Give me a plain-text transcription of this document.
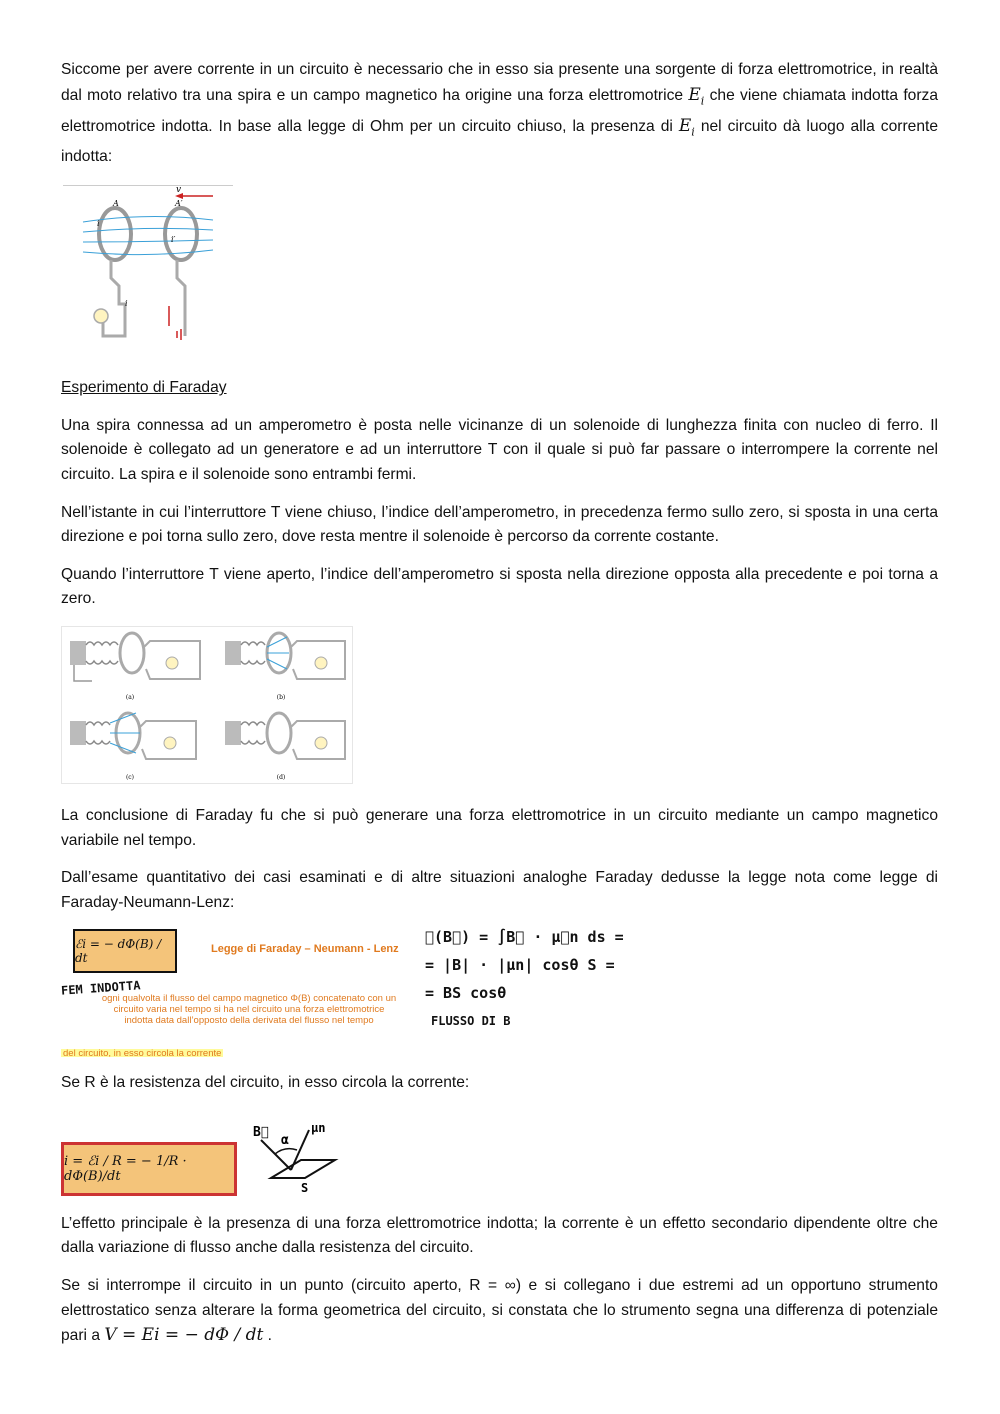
Siccome per avere corrente in un circuito è necessario che in esso sia presente una sorgente di forza elettromotrice, in realtà dal moto relativo tra una spira e un campo magnetico ha origine una forza elettromotrice $E_i$ che viene chiamata indotta forza elettromotrice indotta. In base alla legge di Ohm per un circuito chiuso, la presenza di $E_i$ nel circuito dà luogo alla corrente indotta:

v
A	A′
i
i′
i

Esperimento di Faraday

Una spira connessa ad un amperometro è posta nelle vicinanze di un solenoide di lunghezza finita con nucleo di ferro. Il solenoide è collegato ad un generatore e ad un interruttore T con il quale si può far passare o interrompere la corrente nel circuito. La spira e il solenoide sono entrambi fermi.

Nell’istante in cui l’interruttore T viene chiuso, l’indice dell’amperometro, in precedenza fermo sullo zero, si sposta in una certa direzione e poi torna sullo zero, dove resta mentre il solenoide è percorso da corrente costante.

Quando l’interruttore T viene aperto, l’indice dell’amperometro si sposta nella direzione opposta alla precedente e poi torna a zero.

(a)	(b)
(c)	(d)

La conclusione di Faraday fu che si può generare una forza elettromotrice in un circuito mediante un campo magnetico variabile nel tempo.

Dall’esame quantitativo dei casi esaminati e di altre situazioni analoghe Faraday dedusse la legge nota come legge di Faraday-Neumann-Lenz:

ℰi = − dΦ(B) / dt
Legge di Faraday – Neumann - Lenz
FEM INDOTTA
ogni qualvolta il flusso del campo magnetico Φ(B) concatenato con un circuito varia nel tempo si ha nel circuito una forza elettromotrice indotta data dall’opposto della derivata del flusso nel tempo
del circuito, in esso circola la corrente
∮(B⃗) = ∫B⃗ · μ⃗n ds =
= |B| · |μn| cosθ S =
= BS cosθ
FLUSSO DI B

Se R è la resistenza del circuito, in esso circola la corrente:

i = ℰi / R = − 1/R · dΦ(B)/dt
B⃗
α
μn
S

L’effetto principale è la presenza di una forza elettromotrice indotta; la corrente è un effetto secondario dipendente oltre che dalla variazione di flusso anche dalla resistenza del circuito.

Se si interrompe il circuito in un punto (circuito aperto, R = ∞) e si collegano i due estremi ad un opportuno strumento elettrostatico senza alterare la forma geometrica del circuito, si constata che lo strumento segna una differenza di potenziale pari a V = Ei = − dΦ / dt .
